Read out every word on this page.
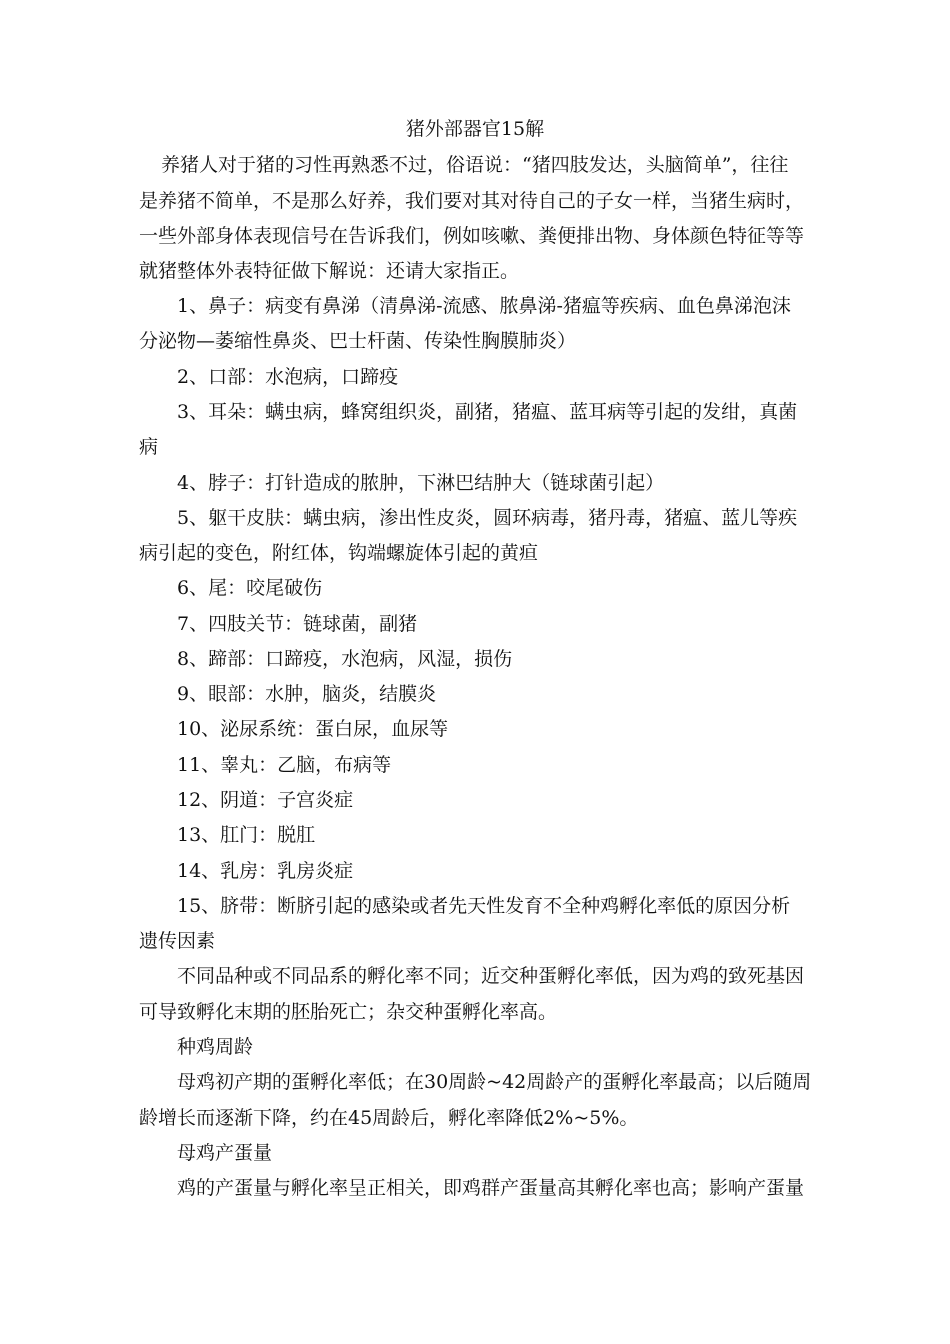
猪外部器官15解
养猪人对于猪的习性再熟悉不过，俗语说：“猪四肢发达，头脑简单”，往往
是养猪不简单，不是那么好养，我们要对其对待自己的子女一样，当猪生病时，
一些外部身体表现信号在告诉我们，例如咳嗽、粪便排出物、身体颜色特征等等
就猪整体外表特征做下解说：还请大家指正。
1、鼻子：病变有鼻涕（清鼻涕-流感、脓鼻涕-猪瘟等疾病、血色鼻涕泡沫
分泌物—萎缩性鼻炎、巴士杆菌、传染性胸膜肺炎）
2、口部：水泡病，口蹄疫
3、耳朵：螨虫病，蜂窝组织炎，副猪，猪瘟、蓝耳病等引起的发绀，真菌
病
4、脖子：打针造成的脓肿，下淋巴结肿大（链球菌引起）
5、躯干皮肤：螨虫病，渗出性皮炎，圆环病毒，猪丹毒，猪瘟、蓝儿等疾
病引起的变色，附红体，钩端螺旋体引起的黄疸
6、尾：咬尾破伤
7、四肢关节：链球菌，副猪
8、蹄部：口蹄疫，水泡病，风湿，损伤
9、眼部：水肿，脑炎，结膜炎
10、泌尿系统：蛋白尿，血尿等
11、睾丸：乙脑，布病等
12、阴道：子宫炎症
13、肛门：脱肛
14、乳房：乳房炎症
15、脐带：断脐引起的感染或者先天性发育不全种鸡孵化率低的原因分析
遗传因素
不同品种或不同品系的孵化率不同；近交种蛋孵化率低，因为鸡的致死基因
可导致孵化末期的胚胎死亡；杂交种蛋孵化率高。
种鸡周龄
母鸡初产期的蛋孵化率低；在30周龄~42周龄产的蛋孵化率最高；以后随周
龄增长而逐渐下降，约在45周龄后，孵化率降低2%~5%。
母鸡产蛋量
鸡的产蛋量与孵化率呈正相关，即鸡群产蛋量高其孵化率也高；影响产蛋量
